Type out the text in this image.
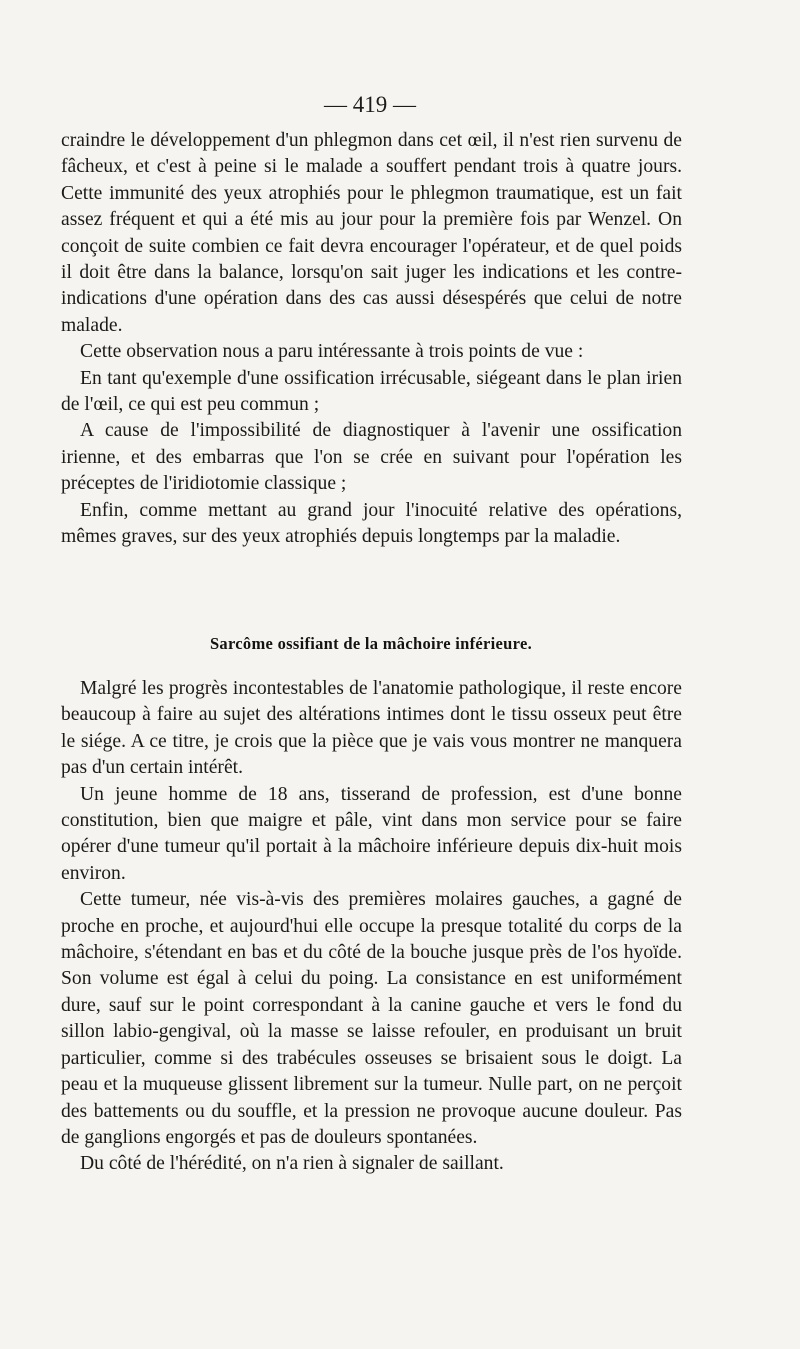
— 419 —

craindre le développement d'un phlegmon dans cet œil, il n'est rien survenu de fâcheux, et c'est à peine si le malade a souffert pendant trois à quatre jours. Cette immunité des yeux atrophiés pour le phlegmon traumatique, est un fait assez fréquent et qui a été mis au jour pour la première fois par Wenzel. On conçoit de suite combien ce fait devra encourager l'opérateur, et de quel poids il doit être dans la balance, lorsqu'on sait juger les indications et les contre-indications d'une opération dans des cas aussi désespérés que celui de notre malade.

Cette observation nous a paru intéressante à trois points de vue :

En tant qu'exemple d'une ossification irrécusable, siégeant dans le plan irien de l'œil, ce qui est peu commun ;

A cause de l'impossibilité de diagnostiquer à l'avenir une ossification irienne, et des embarras que l'on se crée en suivant pour l'opération les préceptes de l'iridiotomie classique ;

Enfin, comme mettant au grand jour l'inocuité relative des opérations, mêmes graves, sur des yeux atrophiés depuis longtemps par la maladie.

Sarcôme ossifiant de la mâchoire inférieure.

Malgré les progrès incontestables de l'anatomie pathologique, il reste encore beaucoup à faire au sujet des altérations intimes dont le tissu osseux peut être le siége. A ce titre, je crois que la pièce que je vais vous montrer ne manquera pas d'un certain intérêt.

Un jeune homme de 18 ans, tisserand de profession, est d'une bonne constitution, bien que maigre et pâle, vint dans mon service pour se faire opérer d'une tumeur qu'il portait à la mâchoire inférieure depuis dix-huit mois environ.

Cette tumeur, née vis-à-vis des premières molaires gauches, a gagné de proche en proche, et aujourd'hui elle occupe la presque totalité du corps de la mâchoire, s'étendant en bas et du côté de la bouche jusque près de l'os hyoïde. Son volume est égal à celui du poing. La consistance en est uniformément dure, sauf sur le point correspondant à la canine gauche et vers le fond du sillon labio-gengival, où la masse se laisse refouler, en produisant un bruit particulier, comme si des trabécules osseuses se brisaient sous le doigt. La peau et la muqueuse glissent librement sur la tumeur. Nulle part, on ne perçoit des battements ou du souffle, et la pression ne provoque aucune douleur. Pas de ganglions engorgés et pas de douleurs spontanées.

Du côté de l'hérédité, on n'a rien à signaler de saillant.
